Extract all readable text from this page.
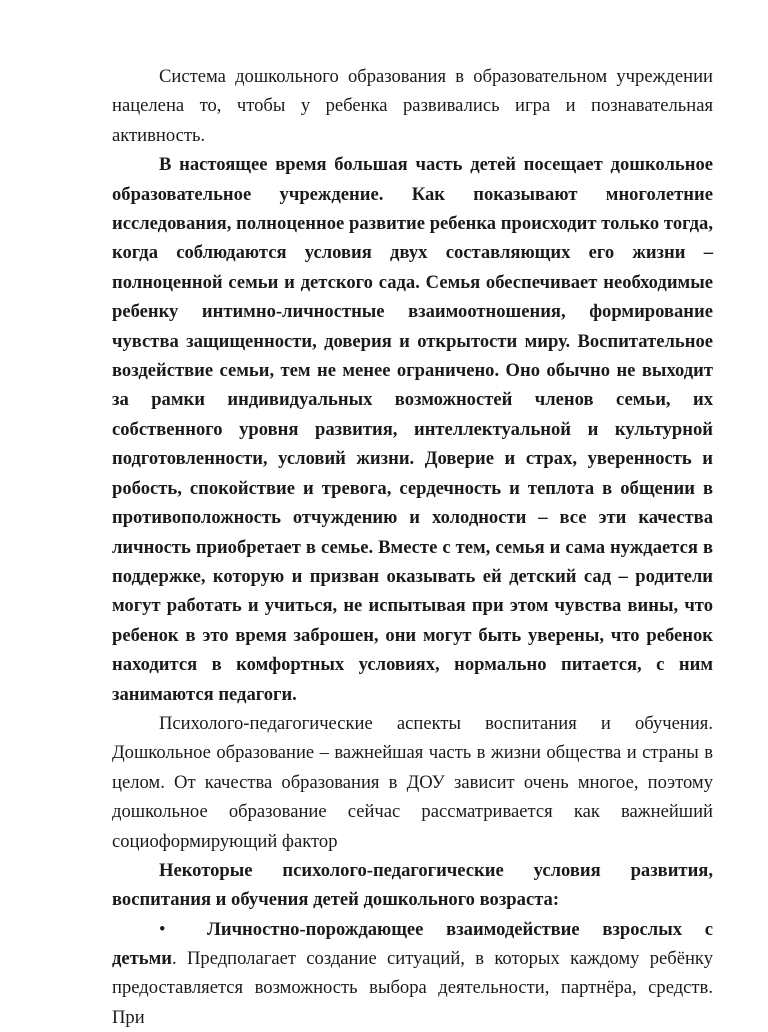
Система дошкольного образования в образовательном учреждении нацелена то, чтобы у ребенка развивались игра и познавательная активность.

В настоящее время большая часть детей посещает дошкольное образовательное учреждение. Как показывают многолетние исследования, полноценное развитие ребенка происходит только тогда, когда соблюдаются условия двух составляющих его жизни – полноценной семьи и детского сада. Семья обеспечивает необходимые ребенку интимно-личностные взаимоотношения, формирование чувства защищенности, доверия и открытости миру. Воспитательное воздействие семьи, тем не менее ограничено. Оно обычно не выходит за рамки индивидуальных возможностей членов семьи, их собственного уровня развития, интеллектуальной и культурной подготовленности, условий жизни. Доверие и страх, уверенность и робость, спокойствие и тревога, сердечность и теплота в общении в противоположность отчуждению и холодности – все эти качества личность приобретает в семье. Вместе с тем, семья и сама нуждается в поддержке, которую и призван оказывать ей детский сад – родители могут работать и учиться, не испытывая при этом чувства вины, что ребенок в это время заброшен, они могут быть уверены, что ребенок находится в комфортных условиях, нормально питается, с ним занимаются педагоги.

Психолого-педагогические аспекты воспитания и обучения. Дошкольное образование – важнейшая часть в жизни общества и страны в целом. От качества образования в ДОУ зависит очень многое, поэтому дошкольное образование сейчас рассматривается как важнейший социоформирующий фактор

Некоторые психолого-педагогические условия развития, воспитания и обучения детей дошкольного возраста:

• Личностно-порождающее взаимодействие взрослых с детьми. Предполагает создание ситуаций, в которых каждому ребёнку предоставляется возможность выбора деятельности, партнёра, средств. При
